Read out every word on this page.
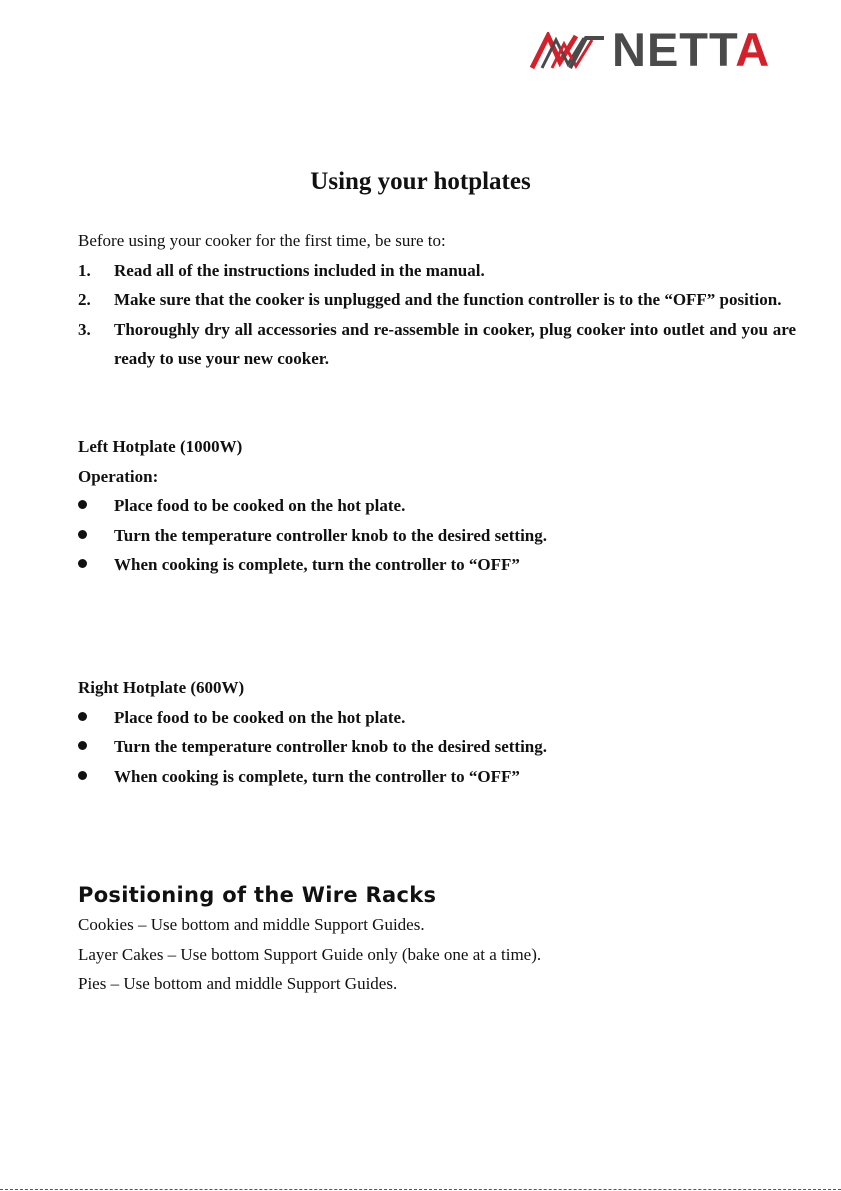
NETTA
Using your hotplates
Before using your cooker for the first time, be sure to:
1.	Read all of the instructions included in the manual.
2.	Make sure that the cooker is unplugged and the function controller is to the “OFF” position.
3.	Thoroughly dry all accessories and re-assemble in cooker, plug cooker into outlet and you are ready to use your new cooker.
Left Hotplate (1000W)
Operation:
Place food to be cooked on the hot plate.
Turn the temperature controller knob to the desired setting.
When cooking is complete, turn the controller to “OFF”
Right Hotplate (600W)
Place food to be cooked on the hot plate.
Turn the temperature controller knob to the desired setting.
When cooking is complete, turn the controller to “OFF”
Positioning of the Wire Racks
Cookies – Use bottom and middle Support Guides.
Layer Cakes – Use bottom Support Guide only (bake one at a time).
Pies – Use bottom and middle Support Guides.
